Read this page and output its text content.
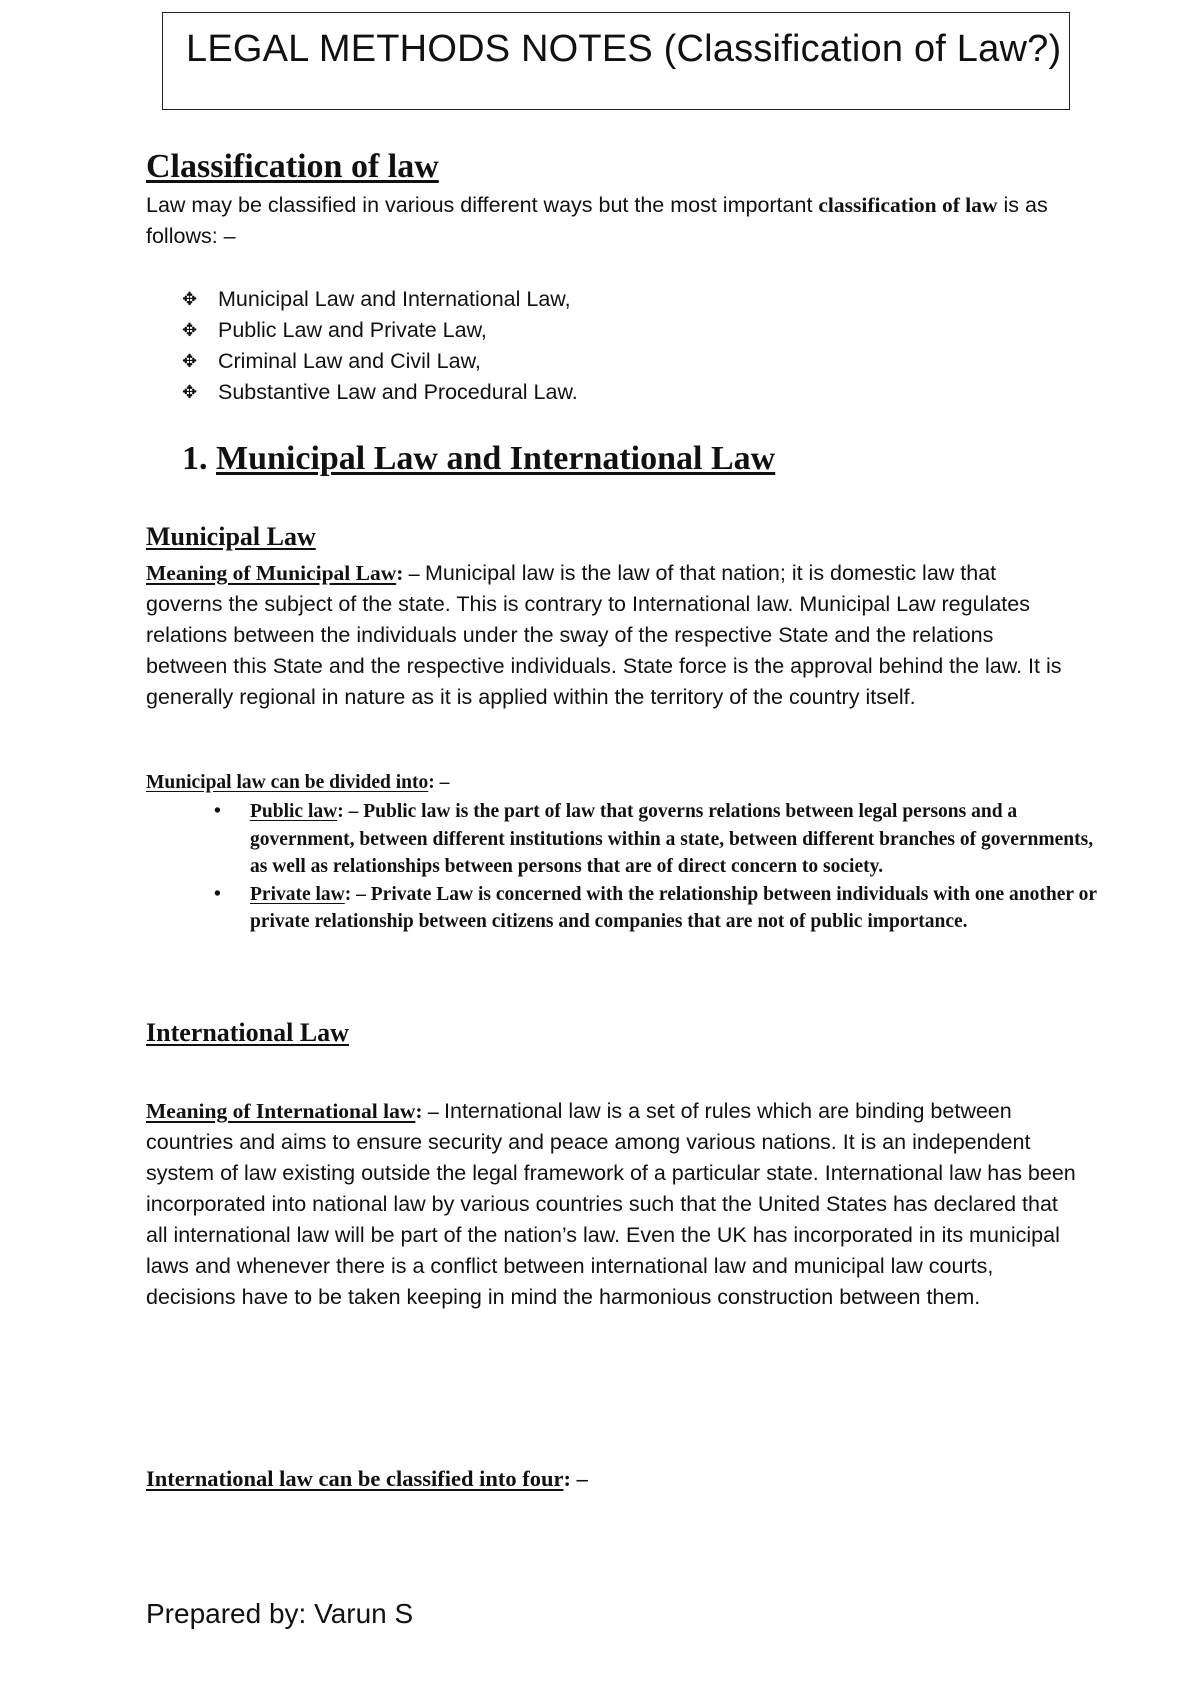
LEGAL METHODS NOTES (Classification of Law?)
Classification of law
Law may be classified in various different ways but the most important classification of law is as follows: –
✥ Municipal Law and International Law,
✥ Public Law and Private Law,
✥ Criminal Law and Civil Law,
✥ Substantive Law and Procedural Law.
1. Municipal Law and International Law
Municipal Law
Meaning of Municipal Law: – Municipal law is the law of that nation; it is domestic law that governs the subject of the state. This is contrary to International law. Municipal Law regulates relations between the individuals under the sway of the respective State and the relations between this State and the respective individuals. State force is the approval behind the law. It is generally regional in nature as it is applied within the territory of the country itself.
Municipal law can be divided into: –
• Public law: – Public law is the part of law that governs relations between legal persons and a government, between different institutions within a state, between different branches of governments, as well as relationships between persons that are of direct concern to society.
• Private law: – Private Law is concerned with the relationship between individuals with one another or private relationship between citizens and companies that are not of public importance.
International Law
Meaning of International law: – International law is a set of rules which are binding between countries and aims to ensure security and peace among various nations. It is an independent system of law existing outside the legal framework of a particular state. International law has been incorporated into national law by various countries such that the United States has declared that all international law will be part of the nation’s law. Even the UK has incorporated in its municipal laws and whenever there is a conflict between international law and municipal law courts, decisions have to be taken keeping in mind the harmonious construction between them.
International law can be classified into four: –
Prepared by: Varun S
